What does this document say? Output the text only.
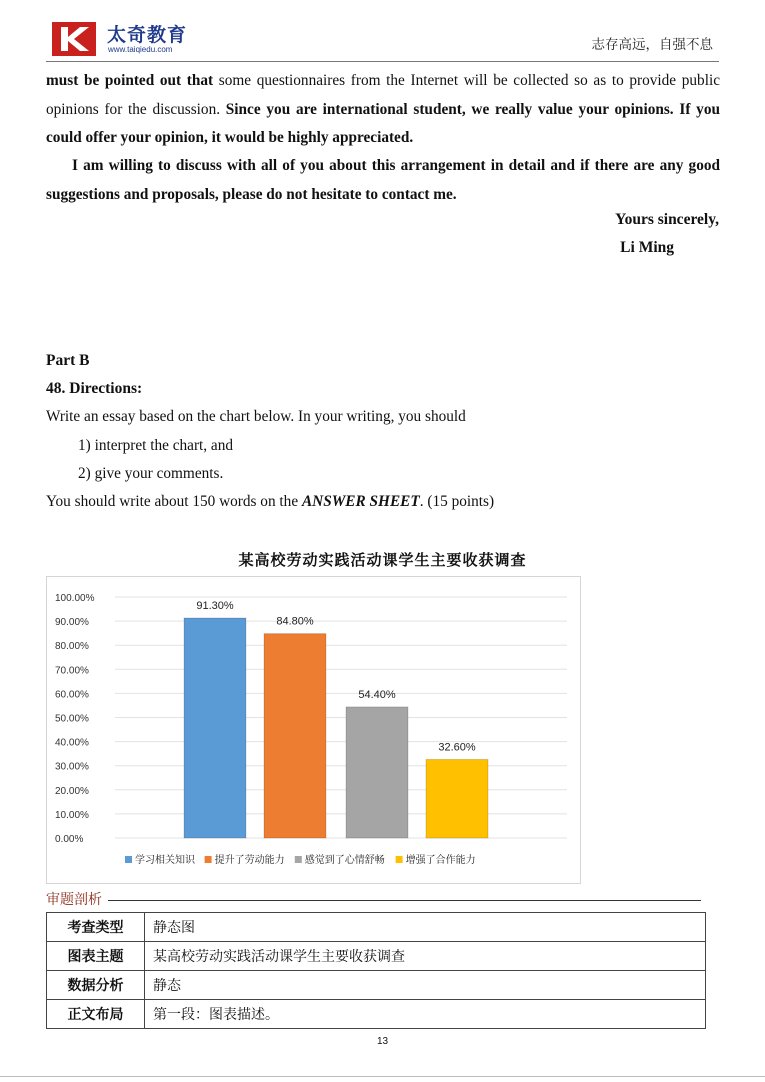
太奇教育
www.taiqiedu.com	志存高远，自强不息
must be pointed out that some questionnaires from the Internet will be collected so as to provide public opinions for the discussion. Since you are international student, we really value your opinions. If you could offer your opinion, it would be highly appreciated.
I am willing to discuss with all of you about this arrangement in detail and if there are any good suggestions and proposals, please do not hesitate to contact me.
Yours sincerely,
Li Ming
Part B
48. Directions:
Write an essay based on the chart below. In your writing, you should
1) interpret the chart, and
2) give your comments.
You should write about 150 words on the ANSWER SHEET. (15 points)
某高校劳动实践活动课学生主要收获调查
0.00%
10.00%
20.00%
30.00%
40.00%
50.00%
60.00%
70.00%
80.00%
90.00%
100.00%
91.30%
84.80%
54.40%
32.60%
学习相关知识 提升了劳动能力 感觉到了心情舒畅 增强了合作能力
审题剖析
考查类型	静态图
图表主题	某高校劳动实践活动课学生主要收获调查
数据分析	静态
正文布局	第一段：图表描述。
13
